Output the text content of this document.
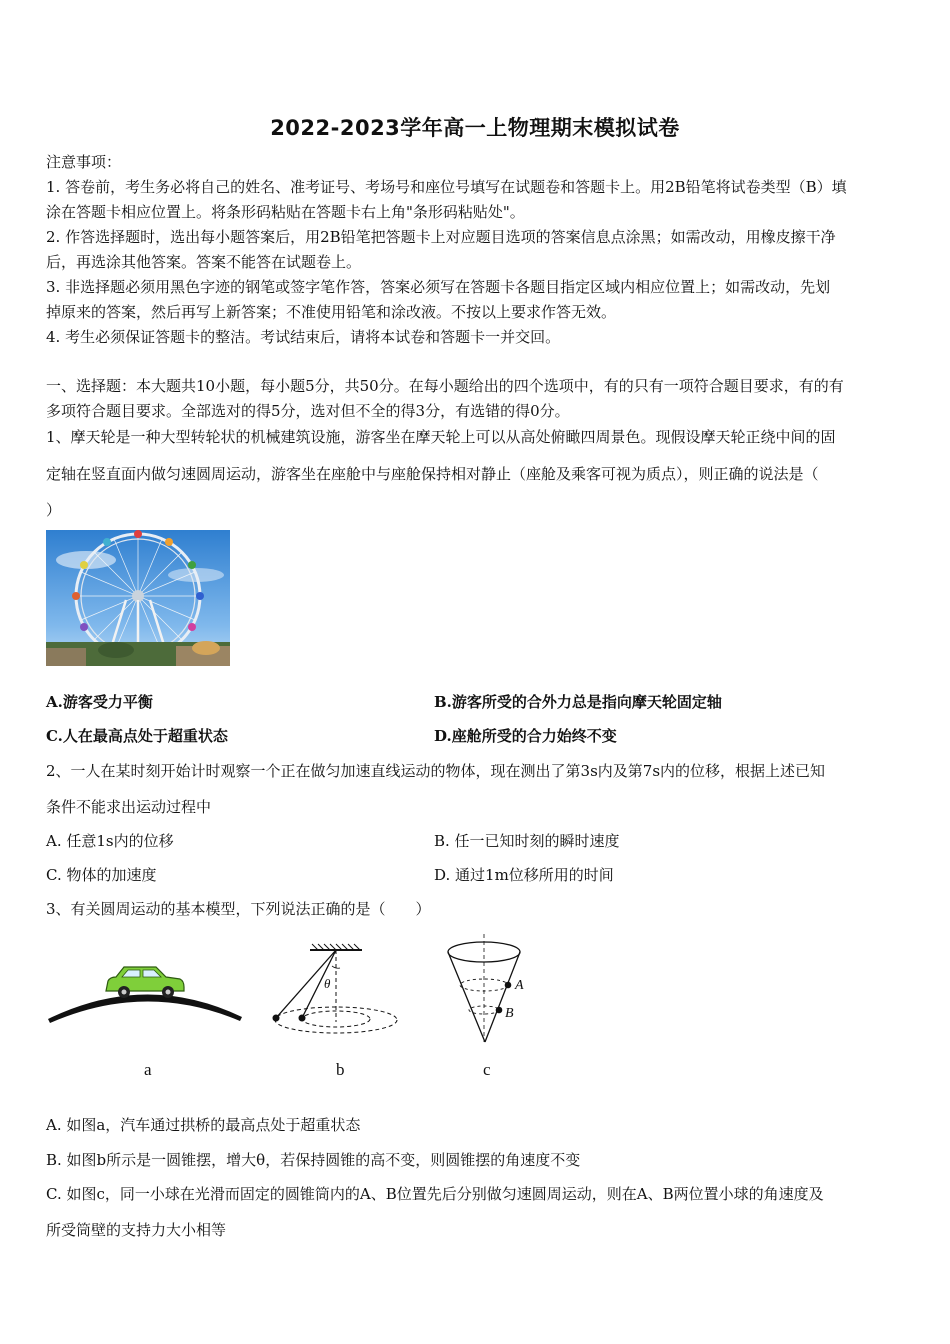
2022-2023学年高一上物理期末模拟试卷
注意事项：
1. 答卷前，考生务必将自己的姓名、准考证号、考场号和座位号填写在试题卷和答题卡上。用2B铅笔将试卷类型（B）填
涂在答题卡相应位置上。将条形码粘贴在答题卡右上角"条形码粘贴处"。
2. 作答选择题时，选出每小题答案后，用2B铅笔把答题卡上对应题目选项的答案信息点涂黑；如需改动，用橡皮擦干净
后，再选涂其他答案。答案不能答在试题卷上。
3. 非选择题必须用黑色字迹的钢笔或签字笔作答，答案必须写在答题卡各题目指定区域内相应位置上；如需改动，先划
掉原来的答案，然后再写上新答案；不准使用铅笔和涂改液。不按以上要求作答无效。
4. 考生必须保证答题卡的整洁。考试结束后，请将本试卷和答题卡一并交回。
一、选择题：本大题共10小题，每小题5分，共50分。在每小题给出的四个选项中，有的只有一项符合题目要求，有的有
多项符合题目要求。全部选对的得5分，选对但不全的得3分，有选错的得0分。
1、摩天轮是一种大型转轮状的机械建筑设施，游客坐在摩天轮上可以从高处俯瞰四周景色。现假设摩天轮正绕中间的固
定轴在竖直面内做匀速圆周运动，游客坐在座舱中与座舱保持相对静止（座舱及乘客可视为质点），则正确的说法是（
）
A.游客受力平衡	B.游客所受的合外力总是指向摩天轮固定轴
C.人在最高点处于超重状态	D.座舱所受的合力始终不变
2、一人在某时刻开始计时观察一个正在做匀加速直线运动的物体，现在测出了第3s内及第7s内的位移，根据上述已知
条件不能求出运动过程中
A. 任意1s内的位移	B. 任一已知时刻的瞬时速度
C. 物体的加速度	D. 通过1m位移所用的时间
3、有关圆周运动的基本模型，下列说法正确的是（　　）
a
θ
b
A
B
c
A. 如图a，汽车通过拱桥的最高点处于超重状态
B. 如图b所示是一圆锥摆，增大θ，若保持圆锥的高不变，则圆锥摆的角速度不变
C. 如图c，同一小球在光滑而固定的圆锥筒内的A、B位置先后分别做匀速圆周运动，则在A、B两位置小球的角速度及
所受筒壁的支持力大小相等
